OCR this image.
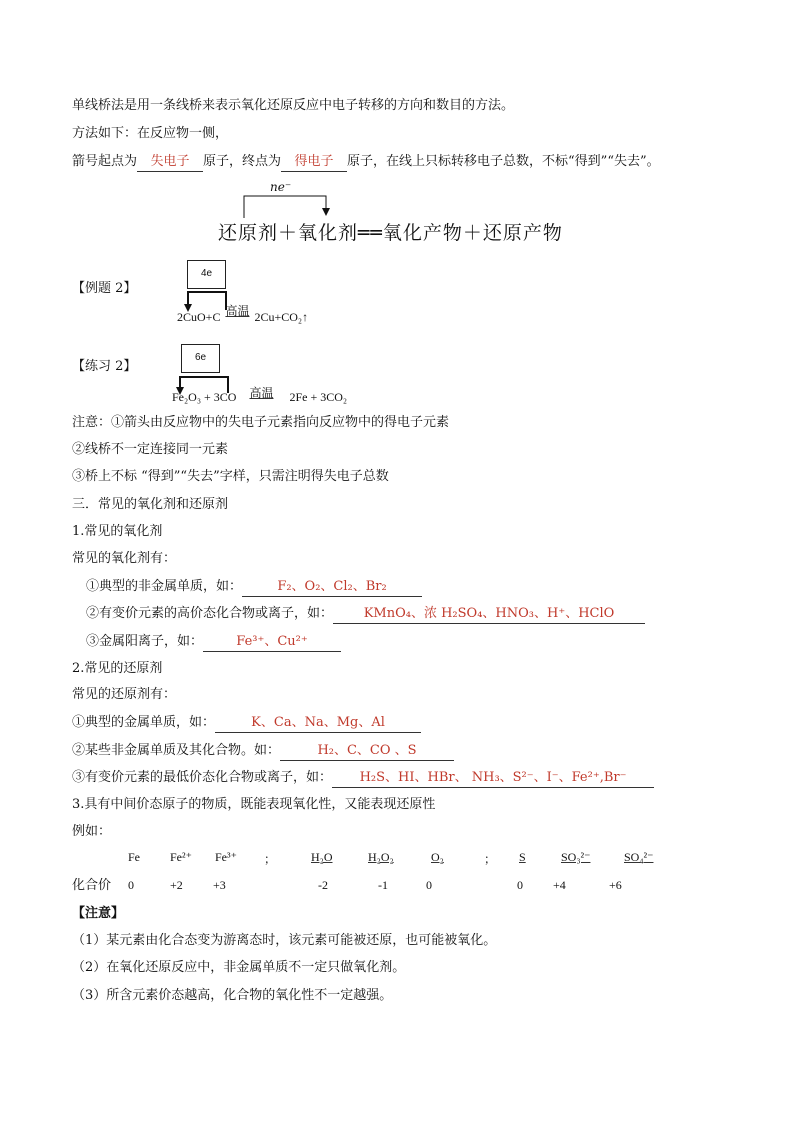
单线桥法是用一条线桥来表示氧化还原反应中电子转移的方向和数目的方法。
方法如下：在反应物一侧，
箭号起点为 失电子 原子，终点为 得电子 原子，在线上只标转移电子总数，不标“得到”“失去”。
ne⁻
还原剂＋氧化剂══氧化产物＋还原产物
【例题 2】
4e
2CuO+C 高温 2Cu+CO₂↑
【练习 2】
6e
Fe₂O₃ + 3CO 高温 2Fe + 3CO₂
注意：①箭头由反应物中的失电子元素指向反应物中的得电子元素
②线桥不一定连接同一元素
③桥上不标 “得到”“失去”字样，只需注明得失电子总数
三．常见的氧化剂和还原剂
1.常见的氧化剂
常见的氧化剂有：
①典型的非金属单质，如：	F₂、O₂、Cl₂、Br₂
②有变价元素的高价态化合物或离子，如： KMnO₄、浓 H₂SO₄、HNO₃、H⁺、HClO
③金属阳离子，如：	Fe³⁺、Cu²⁺
2.常见的还原剂
常见的还原剂有：
①典型的金属单质，如：	K、Ca、Na、Mg、Al
②某些非金属单质及其化合物。如：	H₂、C、CO 、S
③有变价元素的最低价态化合物或离子，如： H₂S、HI、HBr、 NH₃、S²⁻、I⁻、Fe²⁺,Br⁻
3.具有中间价态原子的物质，既能表现氧化性，又能表现还原性
例如：
Fe	Fe²⁺ Fe³⁺ ；	H₂O	H₂O₂	O₂	； S	SO₃²⁻	SO₄²⁻
化合价 0	+2	+3	-2	-1	0	0	+4	+6
【注意】
（1）某元素由化合态变为游离态时，该元素可能被还原，也可能被氧化。
（2）在氧化还原反应中，非金属单质不一定只做氧化剂。
（3）所含元素价态越高，化合物的氧化性不一定越强。
